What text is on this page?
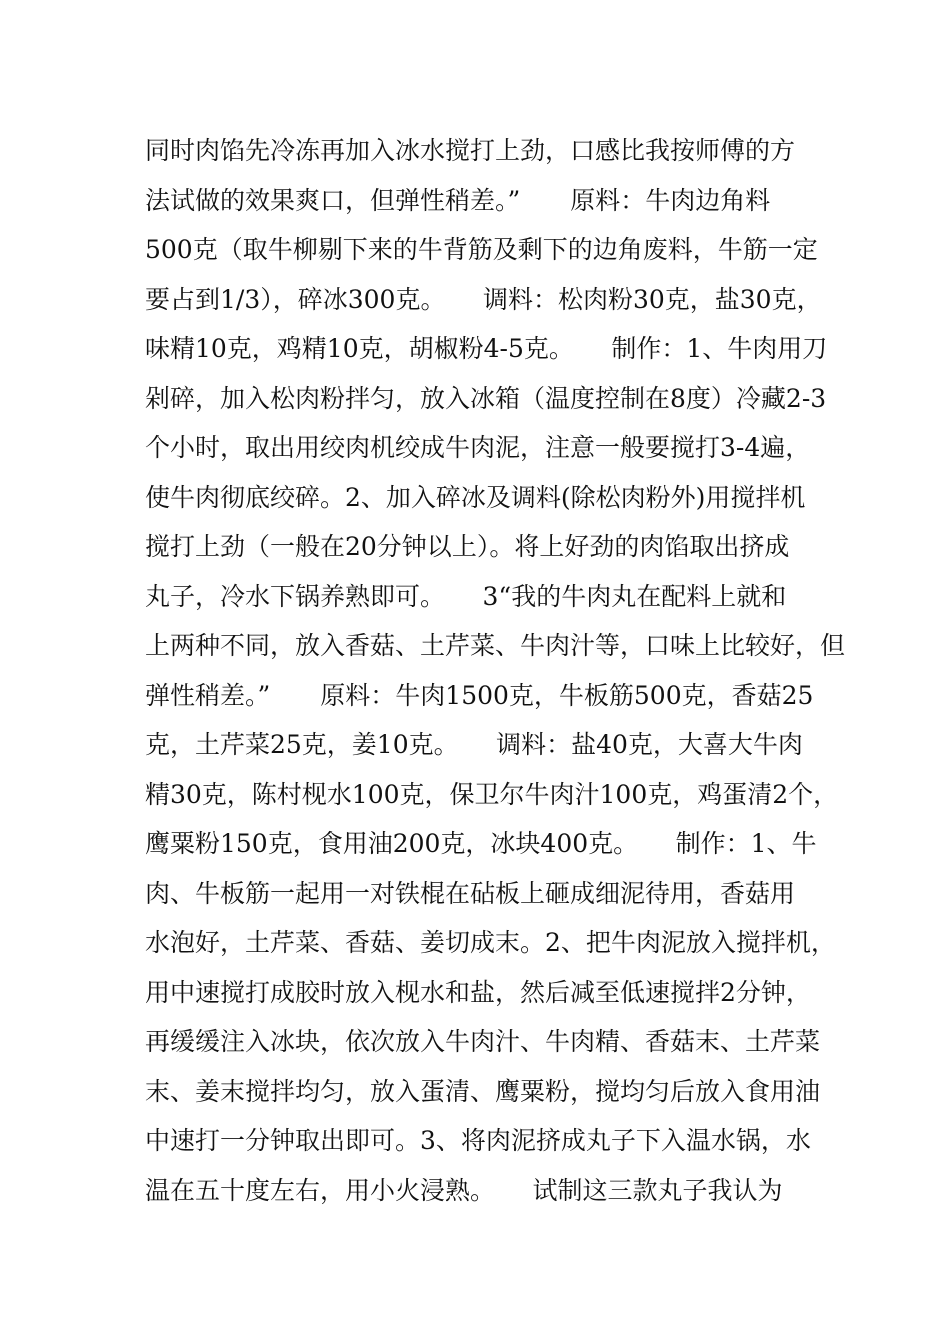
同时肉馅先冷冻再加入冰水搅打上劲，口感比我按师傅的方
法试做的效果爽口，但弹性稍差。”　　原料：牛肉边角料
500克（取牛柳剔下来的牛背筋及剩下的边角废料，牛筋一定
要占到1/3），碎冰300克。　　调料：松肉粉30克，盐30克，
味精10克，鸡精10克，胡椒粉4-5克。　　制作：1、牛肉用刀
剁碎，加入松肉粉拌匀，放入冰箱（温度控制在8度）冷藏2-3
个小时，取出用绞肉机绞成牛肉泥，注意一般要搅打3-4遍，
使牛肉彻底绞碎。2、加入碎冰及调料(除松肉粉外)用搅拌机
搅打上劲（一般在20分钟以上）。将上好劲的肉馅取出挤成
丸子，冷水下锅养熟即可。　　3“我的牛肉丸在配料上就和
上两种不同，放入香菇、土芹菜、牛肉汁等，口味上比较好，但
弹性稍差。”　　原料：牛肉1500克，牛板筋500克，香菇25
克，土芹菜25克，姜10克。　　调料：盐40克，大喜大牛肉
精30克，陈村枧水100克，保卫尔牛肉汁100克，鸡蛋清2个，
鹰粟粉150克，食用油200克，冰块400克。　　制作：1、牛
肉、牛板筋一起用一对铁棍在砧板上砸成细泥待用，香菇用
水泡好，土芹菜、香菇、姜切成末。2、把牛肉泥放入搅拌机，
用中速搅打成胶时放入枧水和盐，然后减至低速搅拌2分钟，
再缓缓注入冰块，依次放入牛肉汁、牛肉精、香菇末、土芹菜
末、姜末搅拌均匀，放入蛋清、鹰粟粉，搅均匀后放入食用油
中速打一分钟取出即可。3、将肉泥挤成丸子下入温水锅，水
温在五十度左右，用小火浸熟。　　试制这三款丸子我认为
